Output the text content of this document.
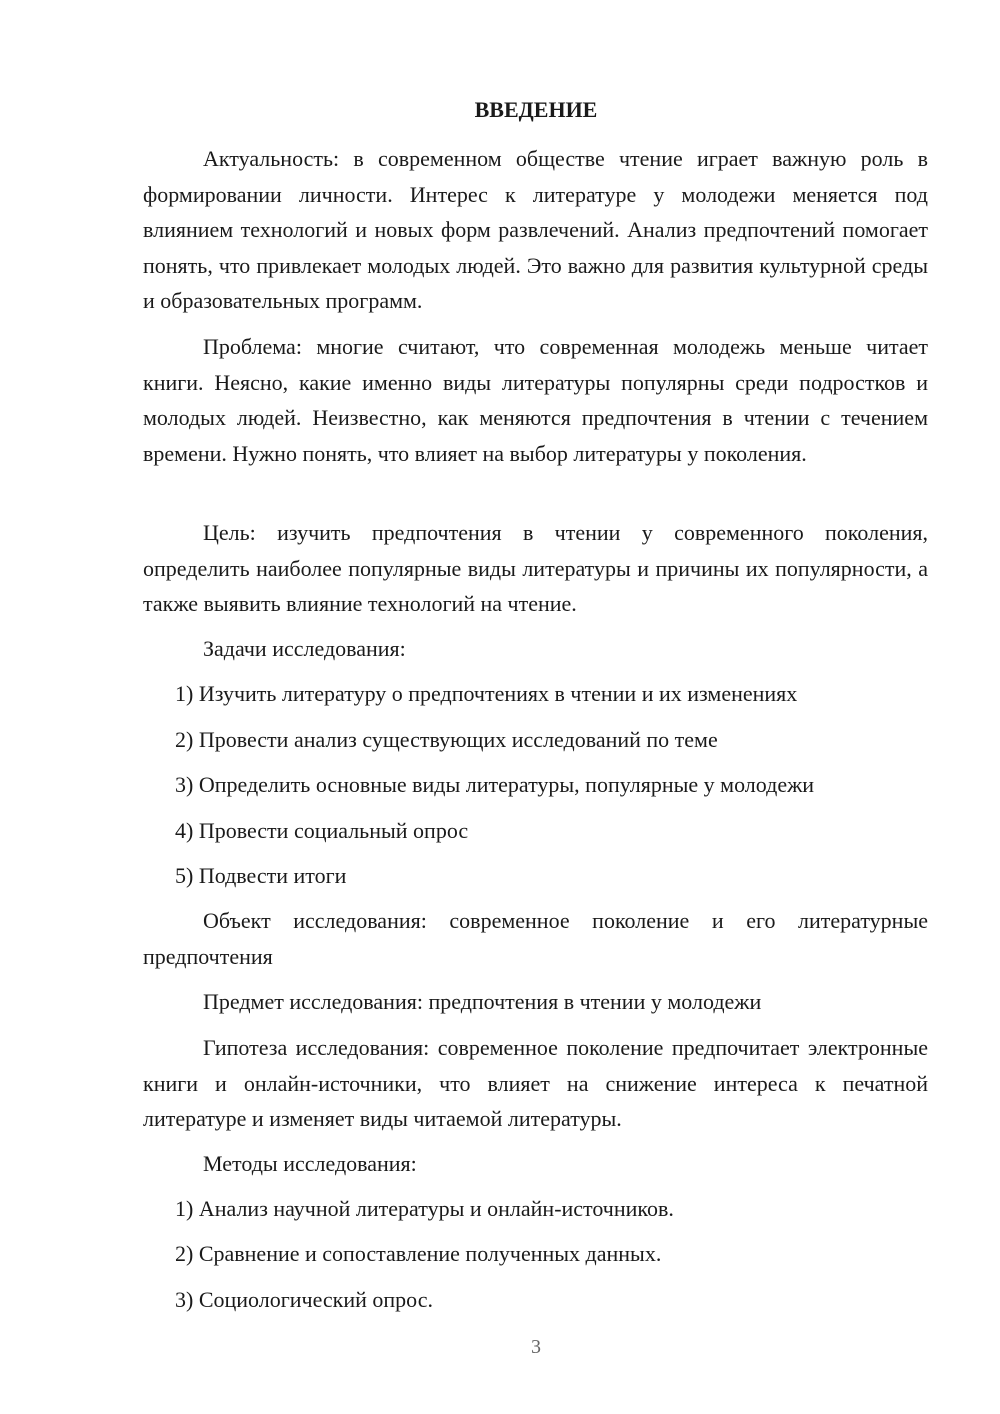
ВВЕДЕНИЕ

Актуальность: в современном обществе чтение играет важную роль в формировании личности. Интерес к литературе у молодежи меняется под влиянием технологий и новых форм развлечений. Анализ предпочтений помогает понять, что привлекает молодых людей. Это важно для развития культурной среды и образовательных программ.

Проблема: многие считают, что современная молодежь меньше читает книги. Неясно, какие именно виды литературы популярны среди подростков и молодых людей. Неизвестно, как меняются предпочтения в чтении с течением времени. Нужно понять, что влияет на выбор литературы у поколения.

Цель: изучить предпочтения в чтении у современного поколения, определить наиболее популярные виды литературы и причины их популярности, а также выявить влияние технологий на чтение.

Задачи исследования:

1) Изучить литературу о предпочтениях в чтении и их изменениях

2) Провести анализ существующих исследований по теме

3) Определить основные виды литературы, популярные у молодежи

4) Провести социальный опрос

5) Подвести итоги

Объект исследования: современное поколение и его литературные предпочтения

Предмет исследования: предпочтения в чтении у молодежи

Гипотеза исследования: современное поколение предпочитает электронные книги и онлайн-источники, что влияет на снижение интереса к печатной литературе и изменяет виды читаемой литературы.

Методы исследования:

1) Анализ научной литературы и онлайн-источников.

2) Сравнение и сопоставление полученных данных.

3) Социологический опрос.

3
